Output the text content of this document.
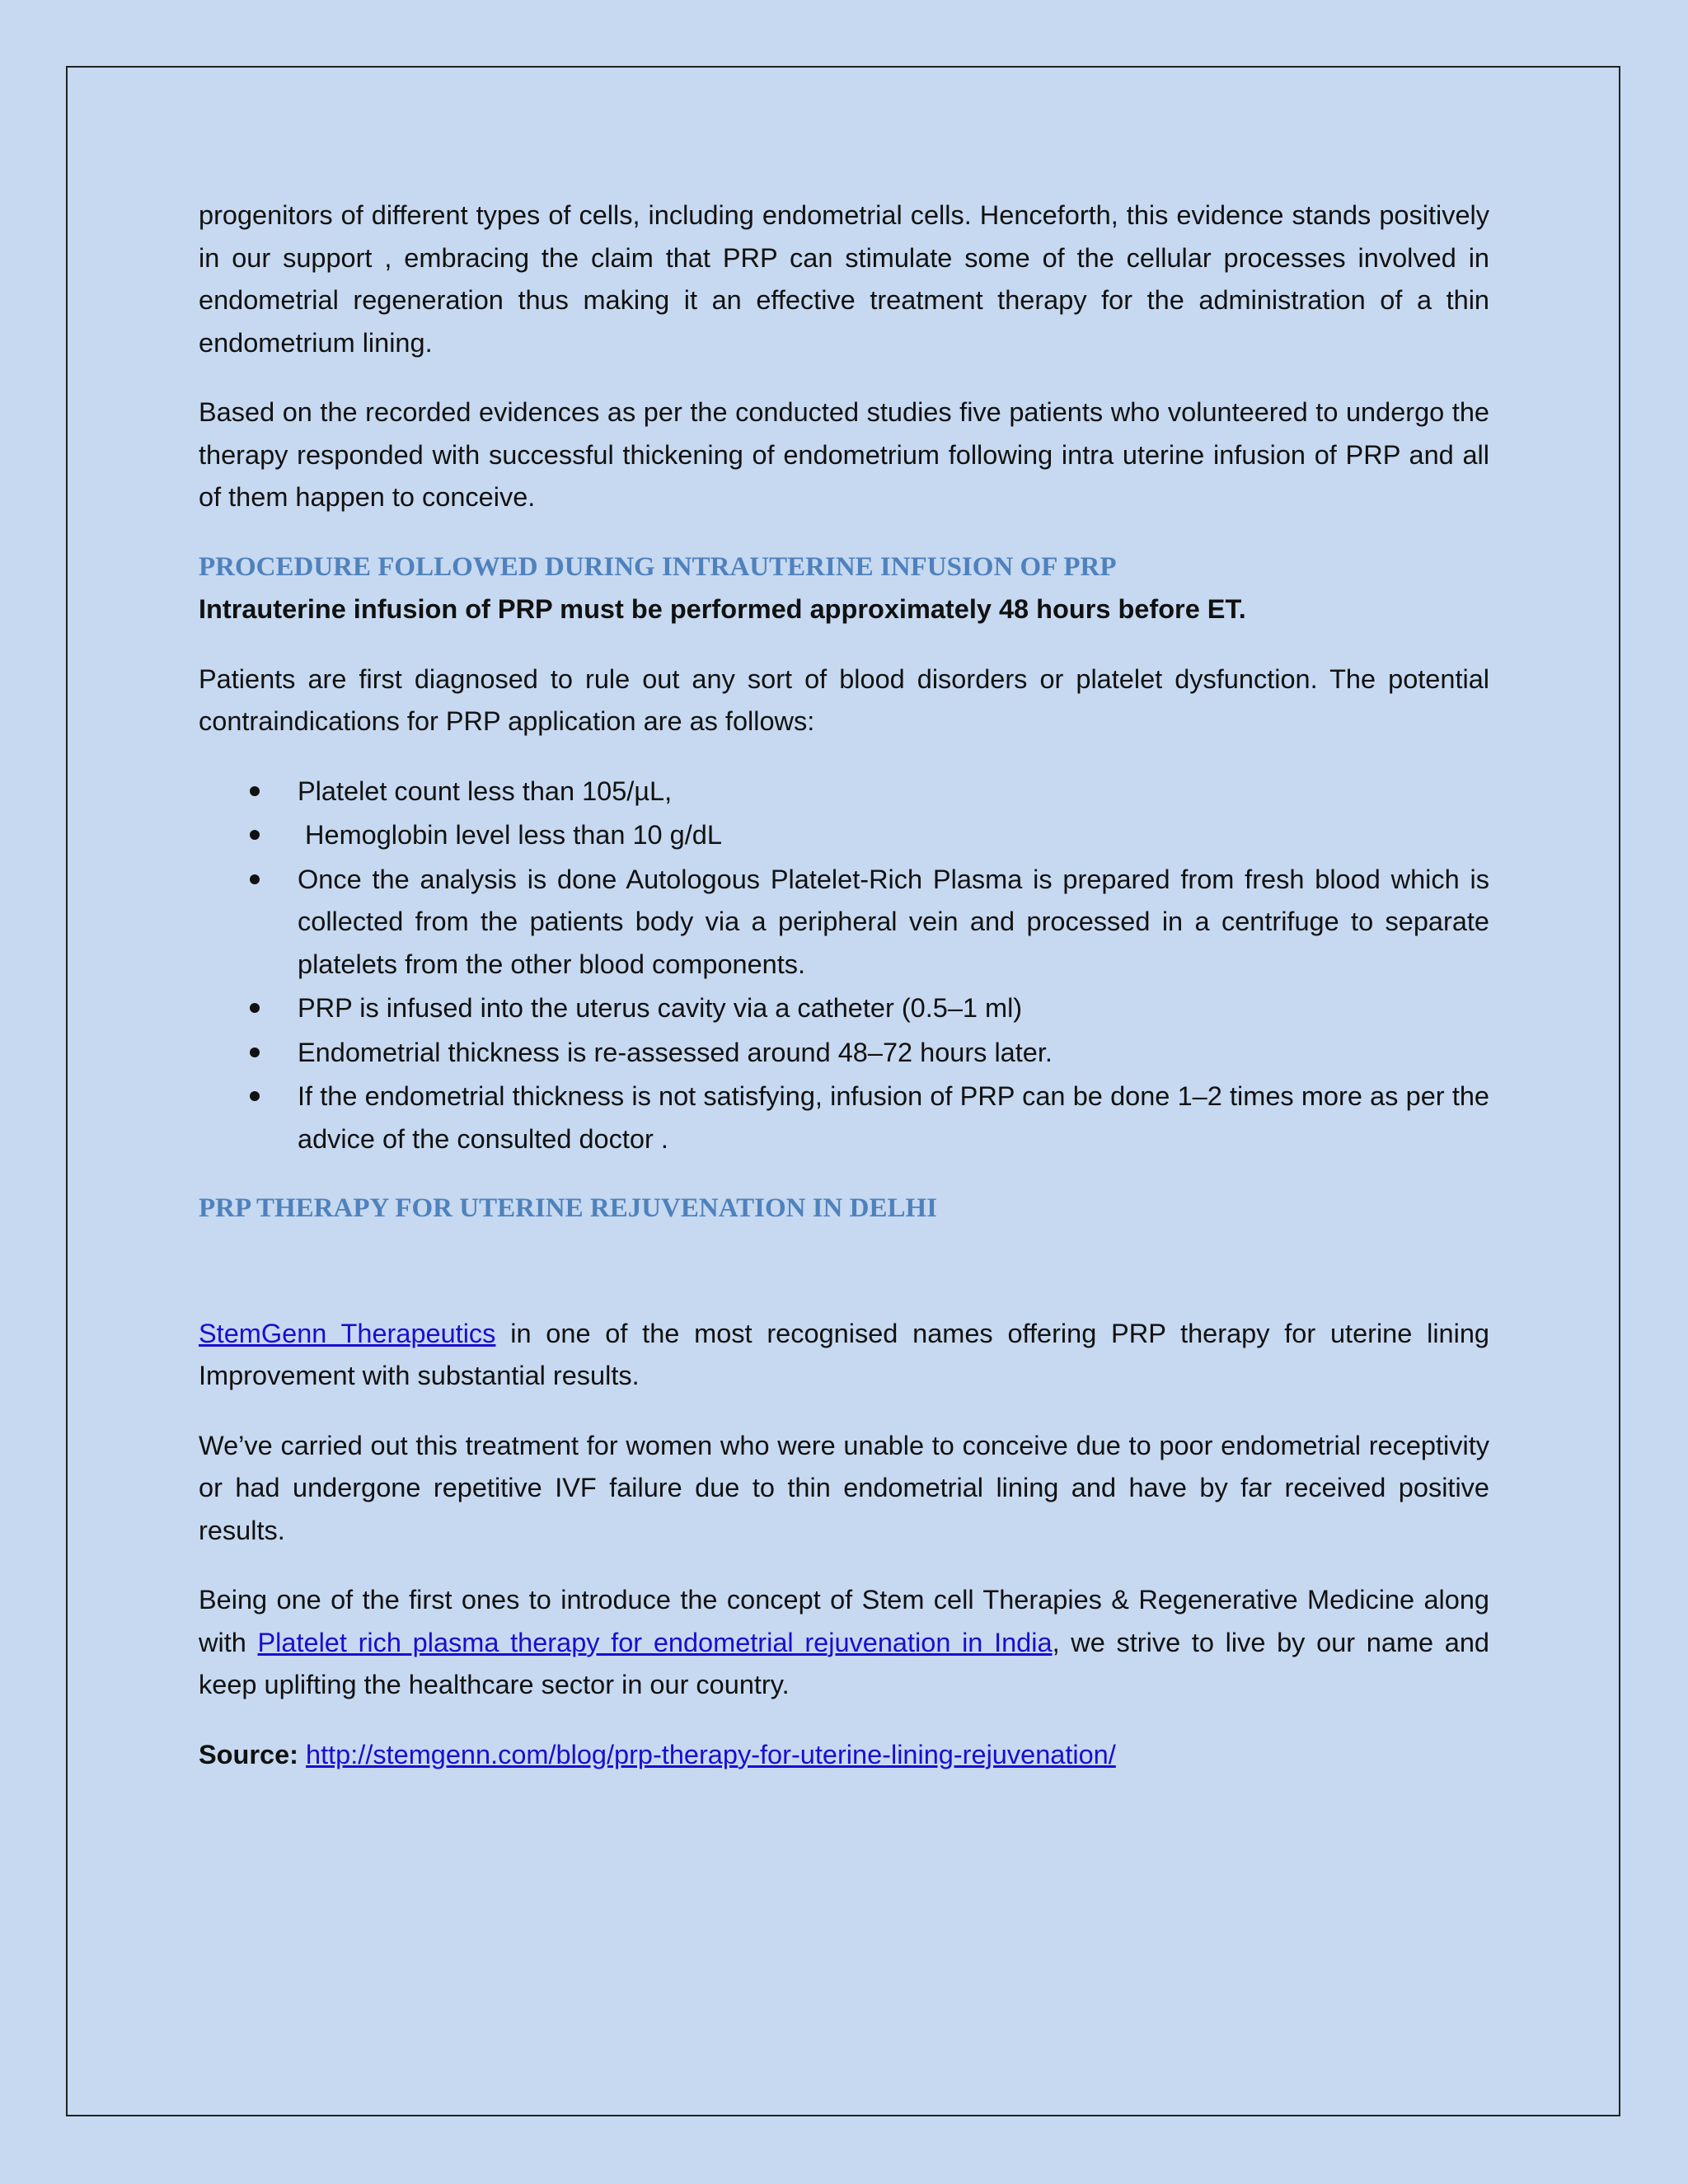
progenitors of different types of cells, including endometrial cells. Henceforth, this evidence stands positively in our support , embracing the claim that PRP can stimulate some of the cellular processes involved in endometrial regeneration thus making it an effective treatment therapy for the administration of a thin endometrium lining.

Based on the recorded evidences as per the conducted studies five patients who volunteered to undergo the therapy responded with successful thickening of endometrium following intra uterine infusion of PRP and all of them happen to conceive.

PROCEDURE FOLLOWED DURING INTRAUTERINE INFUSION OF PRP
Intrauterine infusion of PRP must be performed approximately 48 hours before ET.

Patients are first diagnosed to rule out any sort of blood disorders or platelet dysfunction. The potential contraindications for PRP application are as follows:

Platelet count less than 105/µL,
Hemoglobin level less than 10 g/dL
Once the analysis is done Autologous Platelet-Rich Plasma is prepared from fresh blood which is collected from the patients body via a peripheral vein and processed in a centrifuge to separate platelets from the other blood components.
PRP is infused into the uterus cavity via a catheter (0.5–1 ml)
Endometrial thickness is re-assessed around 48–72 hours later.
If the endometrial thickness is not satisfying, infusion of PRP can be done 1–2 times more as per the advice of the consulted doctor .
PRP THERAPY FOR UTERINE REJUVENATION IN DELHI

StemGenn Therapeutics in one of the most recognised names offering PRP therapy for uterine lining Improvement with substantial results.

We’ve carried out this treatment for women who were unable to conceive due to poor endometrial receptivity or had undergone repetitive IVF failure due to thin endometrial lining and have by far received positive results.

Being one of the first ones to introduce the concept of Stem cell Therapies & Regenerative Medicine along with Platelet rich plasma therapy for endometrial rejuvenation in India, we strive to live by our name and keep uplifting the healthcare sector in our country.

Source: http://stemgenn.com/blog/prp-therapy-for-uterine-lining-rejuvenation/
